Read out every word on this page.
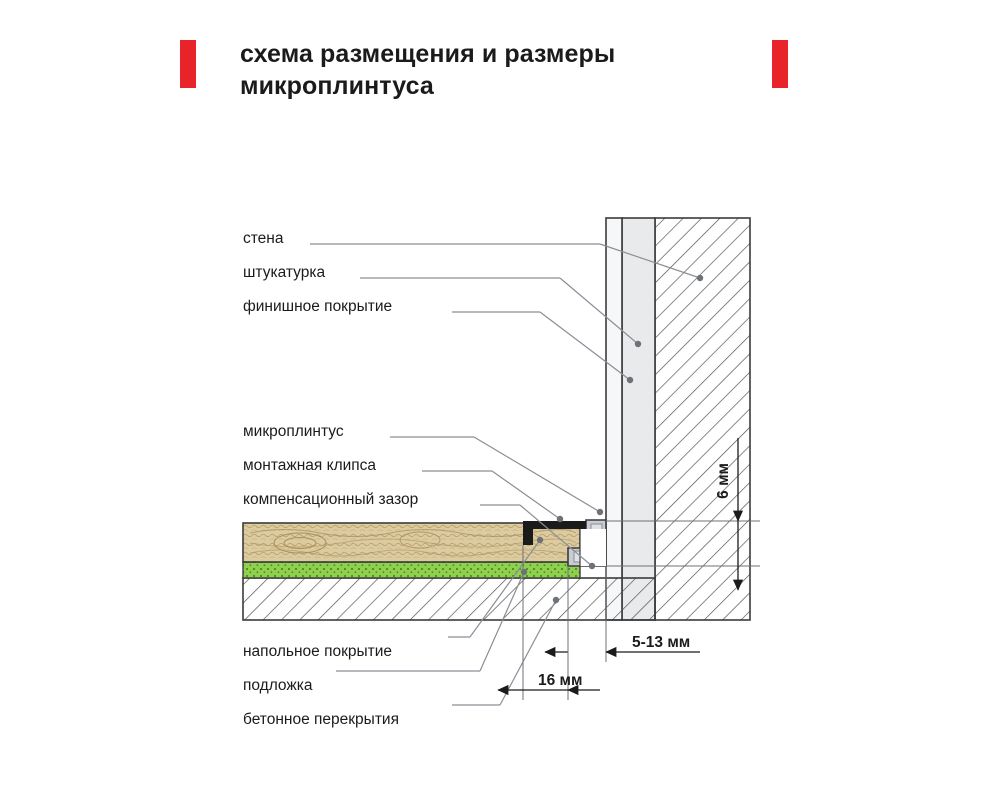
схема размещения и размеры микроплинтуса
стена
штукатурка
финишное покрытие
микроплинтус
монтажная клипса
компенсационный зазор
напольное покрытие
подложка
бетонное перекрытия
6 мм
5-13 мм
16 мм
